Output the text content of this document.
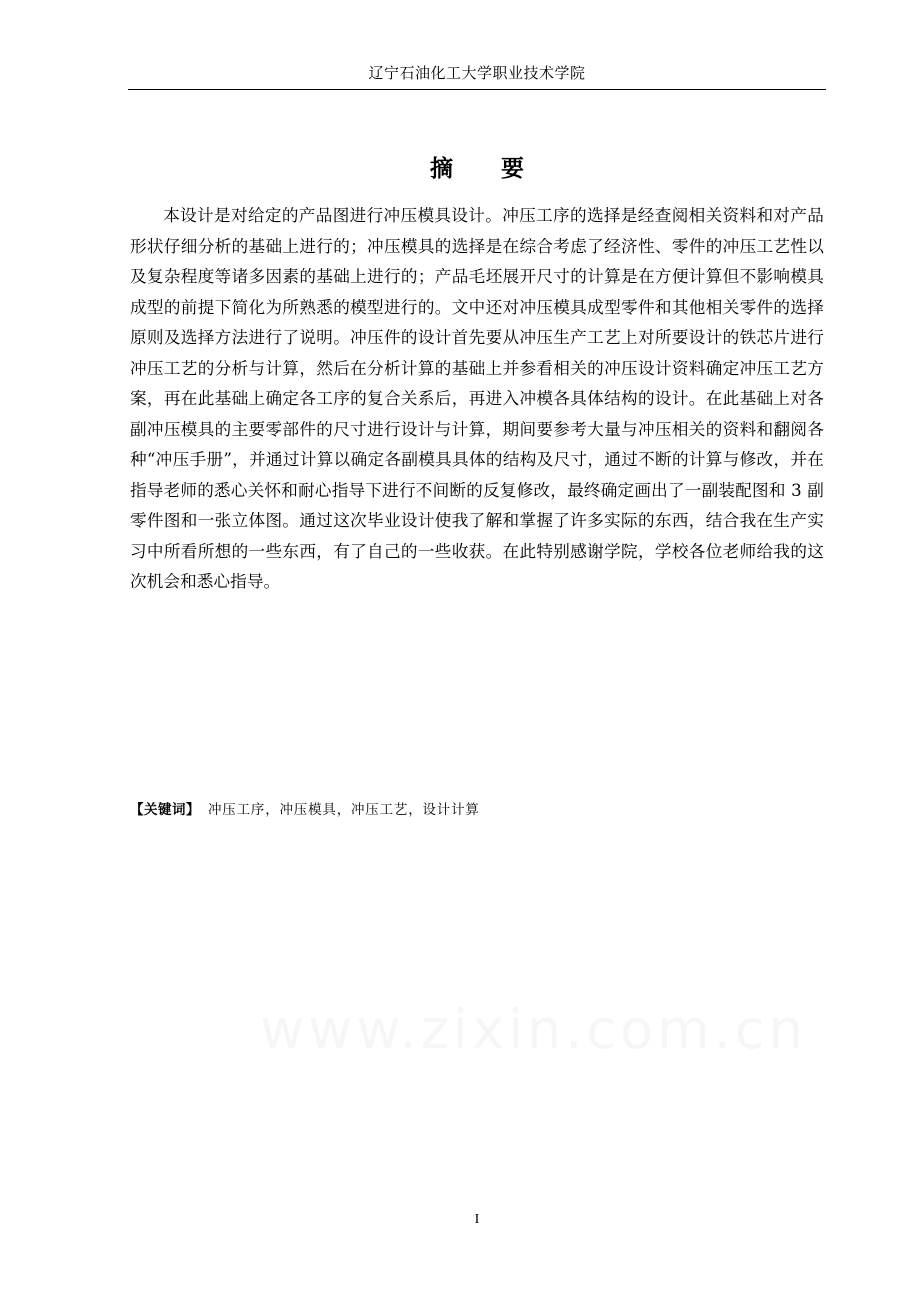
辽宁石油化工大学职业技术学院
摘 要

本设计是对给定的产品图进行冲压模具设计。冲压工序的选择是经查阅相关资料和对产品形状仔细分析的基础上进行的；冲压模具的选择是在综合考虑了经济性、零件的冲压工艺性以及复杂程度等诸多因素的基础上进行的；产品毛坯展开尺寸的计算是在方便计算但不影响模具成型的前提下简化为所熟悉的模型进行的。文中还对冲压模具成型零件和其他相关零件的选择原则及选择方法进行了说明。冲压件的设计首先要从冲压生产工艺上对所要设计的铁芯片进行冲压工艺的分析与计算，然后在分析计算的基础上并参看相关的冲压设计资料确定冲压工艺方案，再在此基础上确定各工序的复合关系后，再进入冲模各具体结构的设计。在此基础上对各副冲压模具的主要零部件的尺寸进行设计与计算，期间要参考大量与冲压相关的资料和翻阅各种“冲压手册”，并通过计算以确定各副模具具体的结构及尺寸，通过不断的计算与修改，并在指导老师的悉心关怀和耐心指导下进行不间断的反复修改，最终确定画出了一副装配图和 3 副零件图和一张立体图。通过这次毕业设计使我了解和掌握了许多实际的东西，结合我在生产实习中所看所想的一些东西，有了自己的一些收获。在此特别感谢学院，学校各位老师给我的这次机会和悉心指导。

【关键词】 冲压工序，冲压模具，冲压工艺，设计计算
I
